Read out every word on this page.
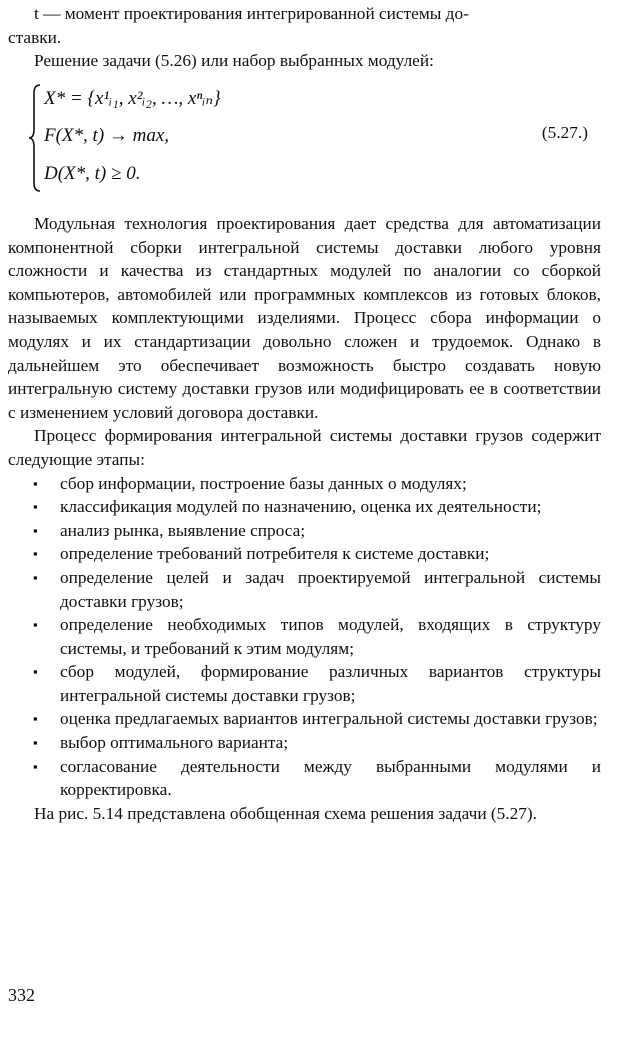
t — момент проектирования интегрированной системы до-
ставки.

Решение задачи (5.26) или набор выбранных модулей:

X* = {x¹ᵢ₁, x²ᵢ₂, …, xⁿᵢₙ}
F(X*, t) → max,
D(X*, t) ≥ 0.
(5.27.)

Модульная технология проектирования дает средства для автоматизации компонентной сборки интегральной системы доставки любого уровня сложности и качества из стандартных модулей по аналогии со сборкой компьютеров, автомобилей или программных комплексов из готовых блоков, называемых комплектующими изделиями. Процесс сбора информации о модулях и их стандартизации довольно сложен и трудоемок. Однако в дальнейшем это обеспечивает возможность быстро создавать новую интегральную систему доставки грузов или модифицировать ее в соответствии с изменением условий договора доставки.

Процесс формирования интегральной системы доставки грузов содержит следующие этапы:

▪ сбор информации, построение базы данных о модулях;
▪ классификация модулей по назначению, оценка их деятельности;
▪ анализ рынка, выявление спроса;
▪ определение требований потребителя к системе доставки;
▪ определение целей и задач проектируемой интегральной системы доставки грузов;
▪ определение необходимых типов модулей, входящих в структуру системы, и требований к этим модулям;
▪ сбор модулей, формирование различных вариантов структуры интегральной системы доставки грузов;
▪ оценка предлагаемых вариантов интегральной системы доставки грузов;
▪ выбор оптимального варианта;
▪ согласование деятельности между выбранными модулями и корректировка.

На рис. 5.14 представлена обобщенная схема решения задачи (5.27).

332
